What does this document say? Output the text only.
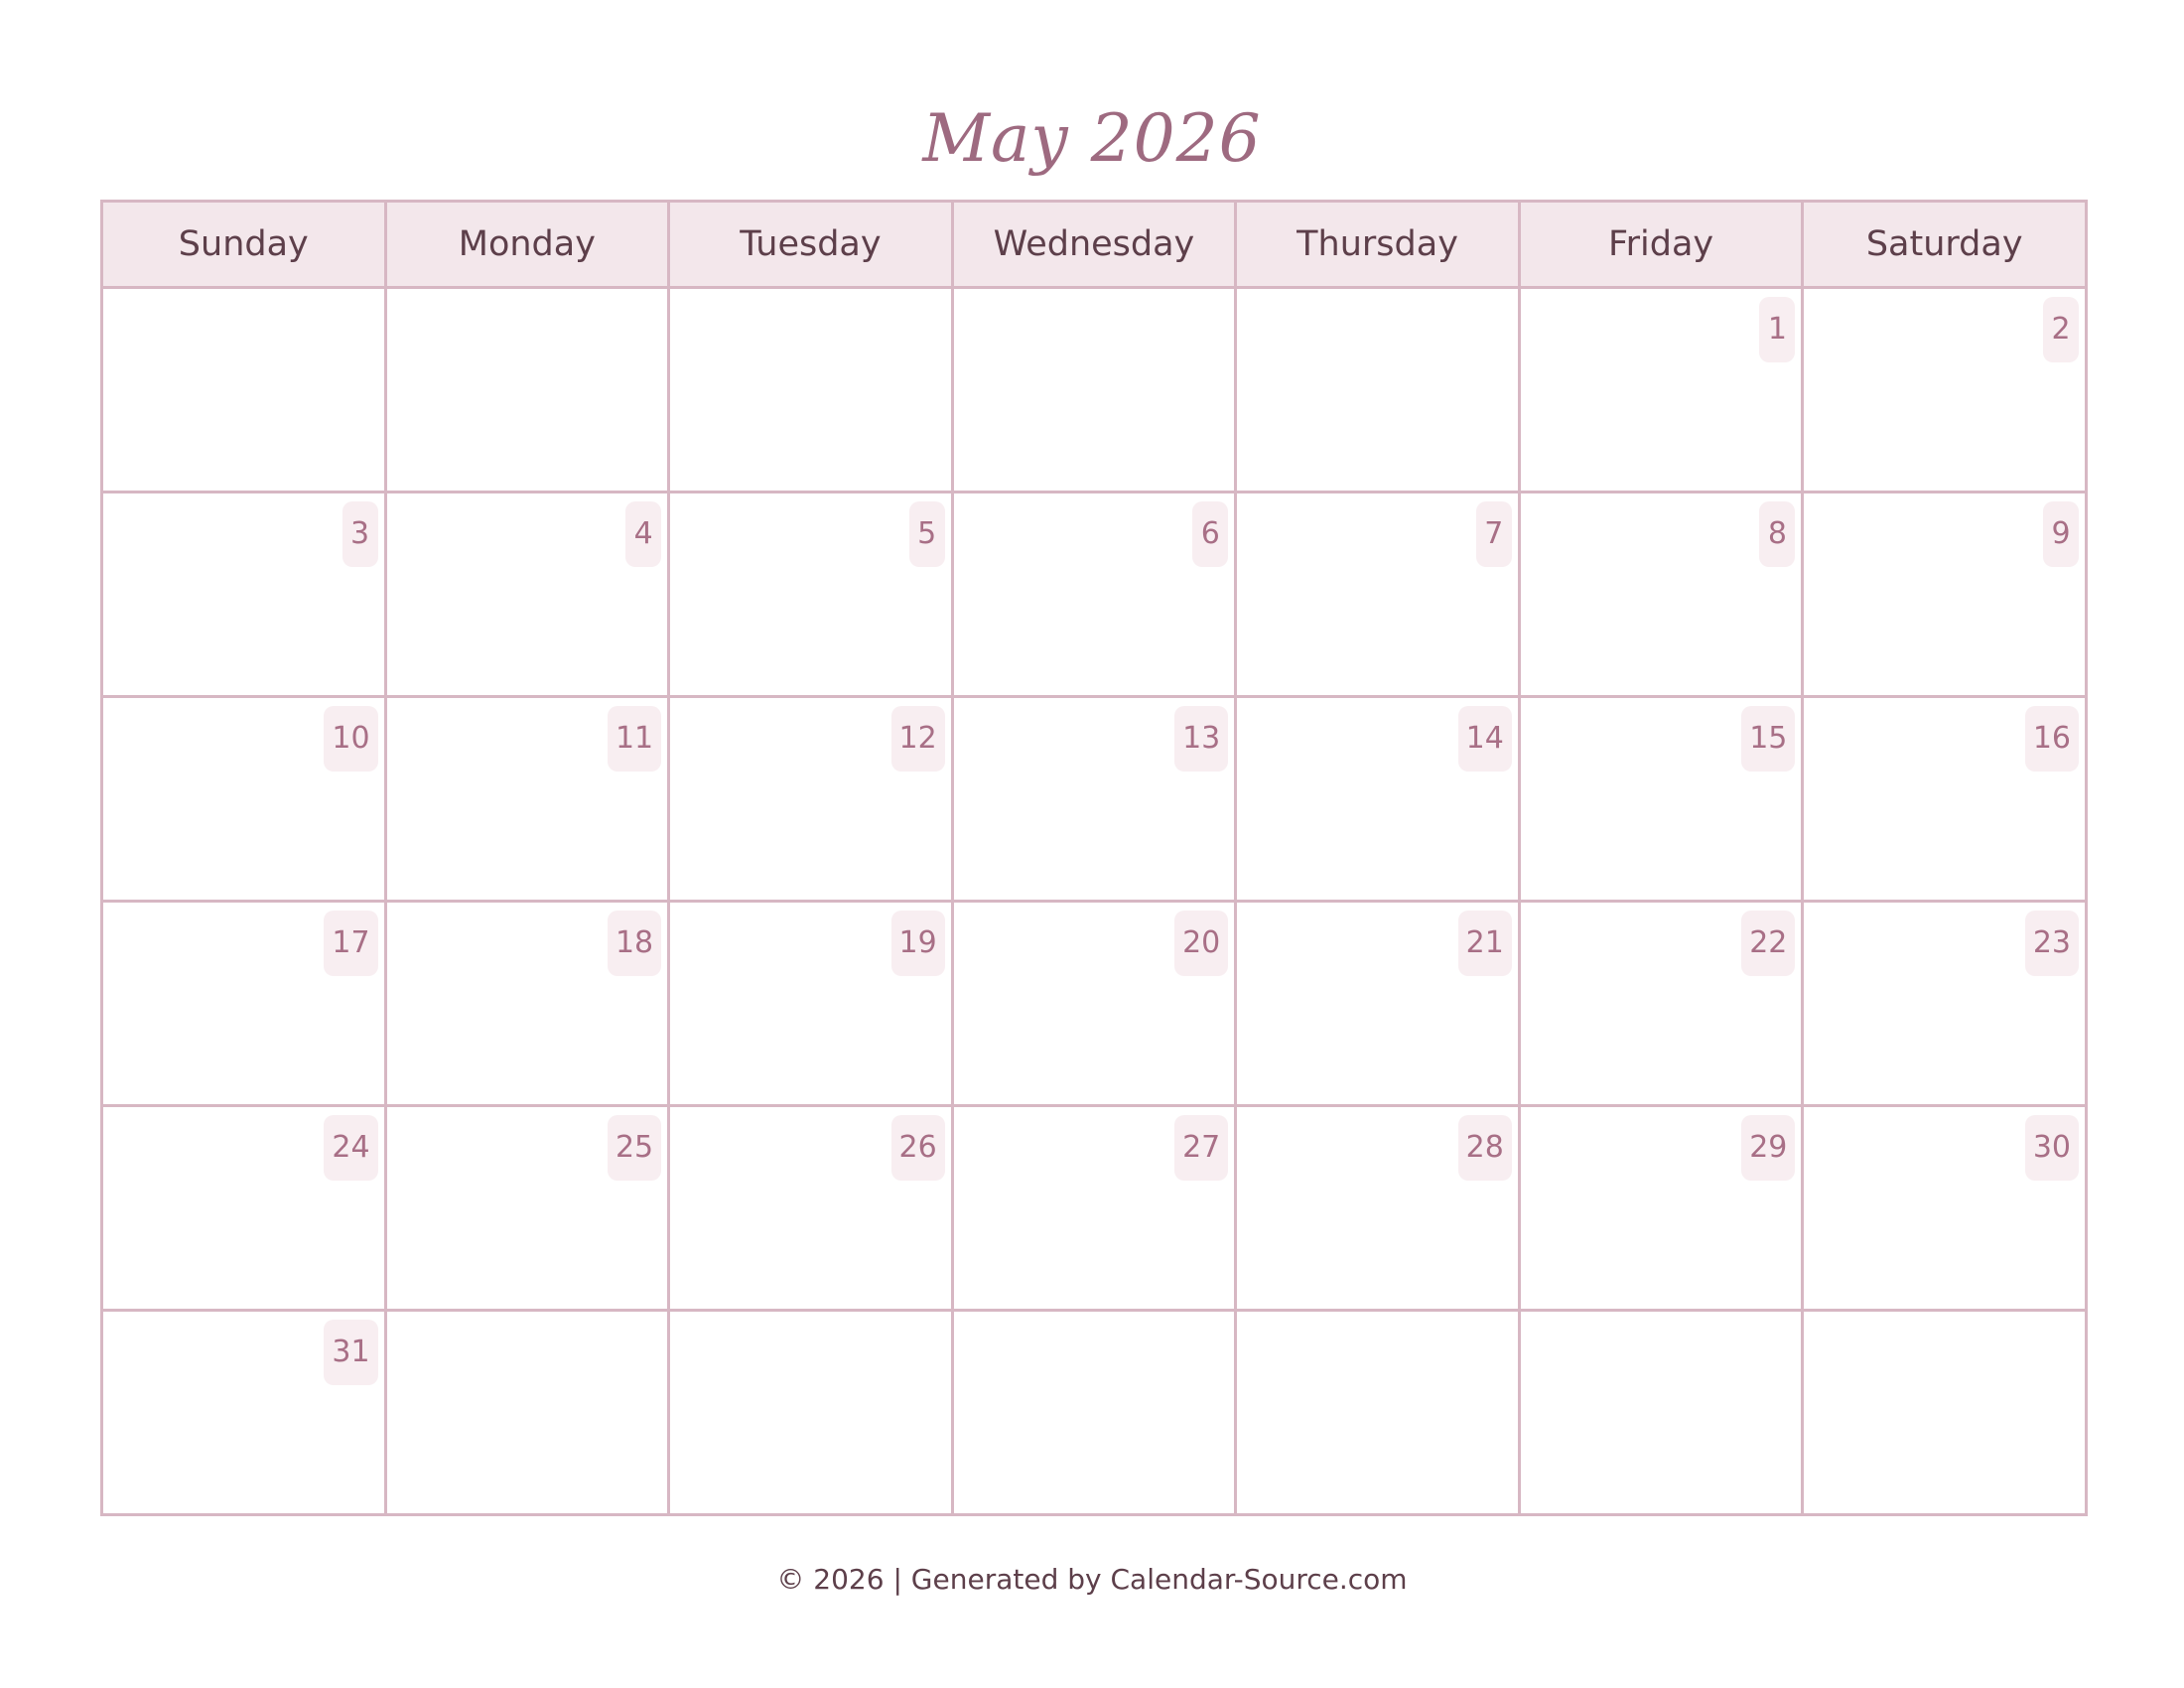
May 2026
Sunday	Monday	Tuesday	Wednesday	Thursday	Friday	Saturday

					1	2

3	4	5	6	7	8	9

10	11	12	13	14	15	16

17	18	19	20	21	22	23

24	25	26	27	28	29	30

31						

© 2026 | Generated by Calendar-Source.com
